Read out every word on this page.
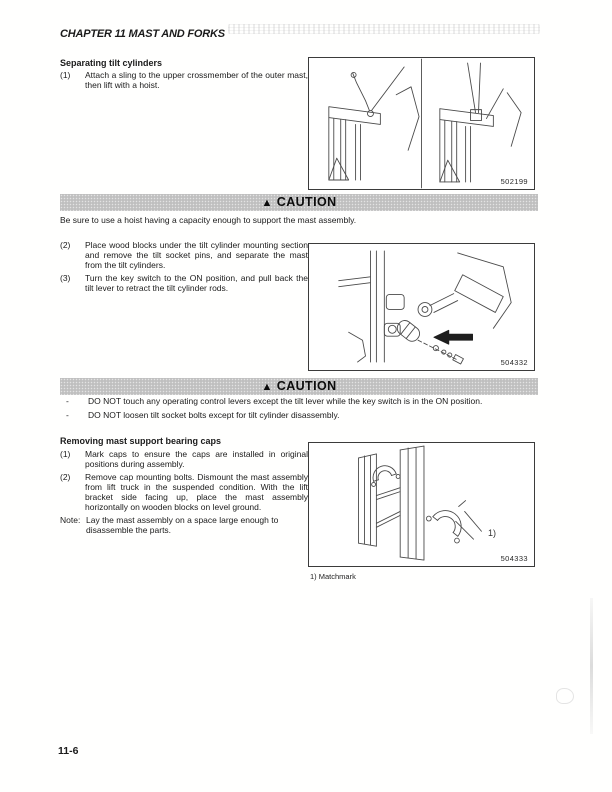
CHAPTER 11 MAST AND FORKS
Separating tilt cylinders
(1) Attach a sling to the upper crossmember of the outer mast, then lift with a hoist.
502199
▲ CAUTION
Be sure to use a hoist having a capacity enough to support the mast assembly.
(2) Place wood blocks under the tilt cylinder mounting section and remove the tilt socket pins, and separate the mast from the tilt cylinders.
(3) Turn the key switch to the ON position, and pull back the tilt lever to retract the tilt cylinder rods.
504332
▲ CAUTION
- DO NOT touch any operating control levers except the tilt lever while the key switch is in the ON position.
- DO NOT loosen tilt socket bolts except for tilt cylinder disassembly.
Removing mast support bearing caps
(1) Mark caps to ensure the caps are installed in original positions during assembly.
(2) Remove cap mounting bolts. Dismount the mast assembly from lift truck in the suspended condition. With the lift bracket side facing up, place the mast assembly horizontally on wooden blocks on level ground.
Note: Lay the mast assembly on a space large enough to disassemble the parts.	1)
504333
1) Matchmark
11-6
